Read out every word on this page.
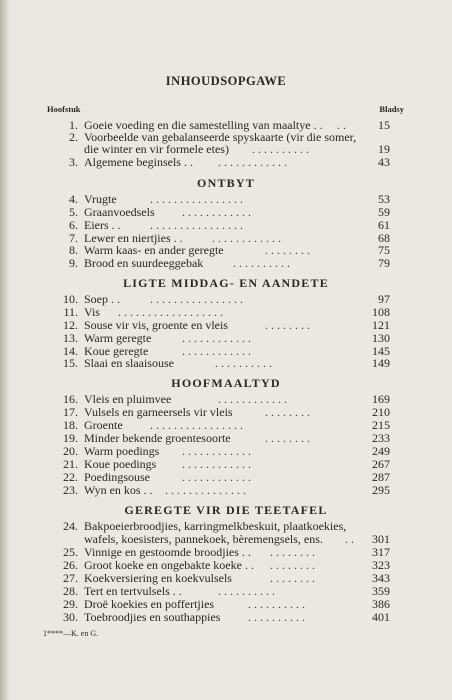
INHOUDSOPGAWE
Hoofstuk	Bladsy
1. Goeie voeding en die samestelling van maaltye . . . .	15
2. Voorbeelde van gebalanseerde spyskaarte (vir die somer,
die winter en vir formele etes) . . . . . . . . . .	19
3. Algemene beginsels . . . . . . . . . . . . . .	43
ONTBYT
4. Vrugte	. . . . . . . . . . . . . . . .	53
5. Graanvoedsels . . . . . . . . . . . .	59
6. Eiers . . . . . . . . . . . . . . . . . .	61
7. Lewer en niertjies . . . . . . . . . . . . . .	68
8. Warm kaas- en ander geregte	. . . . . . . .	75
9. Brood en suurdeeggebak . . . . . . . . . .	79
LIGTE MIDDAG- EN AANDETE
10. Soep . .	. . . . . . . . . . . . . . . .	97
11. Vis . . . . . . . . . . . . . . . . . .	108
12. Souse vir vis, groente en vleis	. . . . . . . .	121
13. Warm geregte	. . . . . . . . . . . .	130
14. Koue geregte	. . . . . . . . . . . .	145
15. Slaai en slaaisouse	. . . . . . . . . .	149
HOOFMAALTYD
16. Vleis en pluimvee	. . . . . . . . . . . .	169
17. Vulsels en garneersels vir vleis	. . . . . . . .	210
18. Groente . . . . . . . . . . . . . . . .	215
19. Minder bekende groentesoorte	. . . . . . . .	233
20. Warm poedings . . . . . . . . . . . .	249
21. Koue poedings . . . . . . . . . . . .	267
22. Poedingsouse	. . . . . . . . . . . .	287
23. Wyn en kos . . . . . . . . . . . . . . . .	295
GEREGTE VIR DIE TEETAFEL
24. Bakpoeierbroodjies, karringmelkbeskuit, plaatkoekies,
wafels, koesisters, pannekoek, bèremengsels, ens. . .	301
25. Vinnige en gestoomde broodjies . . . . . . . . . .	317
26. Groot koeke en ongebakte koeke . . . . . . . . . .	323
27. Koekversiering en koekvulsels	. . . . . . . .	343
28. Tert en tertvulsels . .	. . . . . . . . . .	359
29. Droë koekies en poffertjies	. . . . . . . . . .	386
30. Toebroodjies en southappies . . . . . . . . . .	401
1****—K. en G.
